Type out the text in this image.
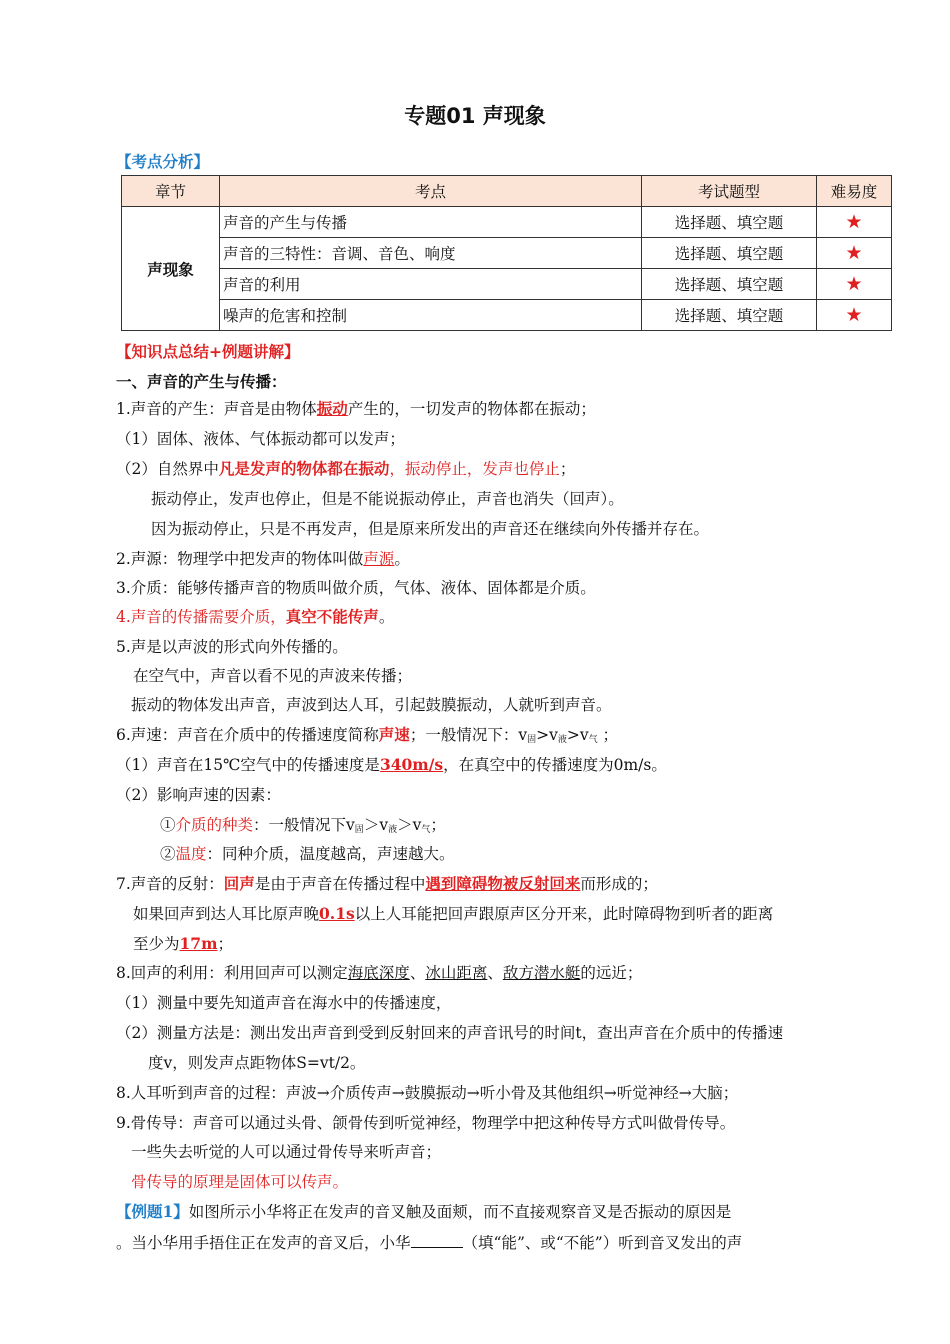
专题01 声现象
【考点分析】
章节	考点	考试题型	难易度
声现象	声音的产生与传播	选择题、填空题	★
	声音的三特性：音调、音色、响度	选择题、填空题	★
	声音的利用	选择题、填空题	★
	噪声的危害和控制	选择题、填空题	★
【知识点总结+例题讲解】
一、声音的产生与传播：
1.声音的产生：声音是由物体振动产生的，一切发声的物体都在振动；
（1）固体、液体、气体振动都可以发声；
（2）自然界中凡是发声的物体都在振动，振动停止，发声也停止；
振动停止，发声也停止，但是不能说振动停止，声音也消失（回声）。
因为振动停止，只是不再发声，但是原来所发出的声音还在继续向外传播并存在。
2.声源：物理学中把发声的物体叫做声源。
3.介质：能够传播声音的物质叫做介质，气体、液体、固体都是介质。
4.声音的传播需要介质，真空不能传声。
5.声是以声波的形式向外传播的。
在空气中，声音以看不见的声波来传播；
振动的物体发出声音，声波到达人耳，引起鼓膜振动，人就听到声音。
6.声速：声音在介质中的传播速度简称声速；一般情况下：$v_固>v_液>v_气$ ；
（1）声音在15℃空气中的传播速度是340m/s，在真空中的传播速度为0m/s。
（2）影响声速的因素：
①介质的种类：一般情况下$v_固>v_液>v_气$；
②温度：同种介质，温度越高，声速越大。
7.声音的反射：回声是由于声音在传播过程中遇到障碍物被反射回来而形成的；
如果回声到达人耳比原声晚0.1s以上人耳能把回声跟原声区分开来，此时障碍物到听者的距离
至少为17m；
8.回声的利用：利用回声可以测定海底深度、冰山距离、敌方潜水艇的远近；
（1）测量中要先知道声音在海水中的传播速度，
（2）测量方法是：测出发出声音到受到反射回来的声音讯号的时间t，查出声音在介质中的传播速
度v，则发声点距物体S=vt/2。
8.人耳听到声音的过程：声波→介质传声→鼓膜振动→听小骨及其他组织→听觉神经→大脑；
9.骨传导：声音可以通过头骨、颌骨传到听觉神经，物理学中把这种传导方式叫做骨传导。
一些失去听觉的人可以通过骨传导来听声音；
骨传导的原理是固体可以传声。
【例题1】如图所示小华将正在发声的音叉触及面颊，而不直接观察音叉是否振动的原因是
。当小华用手捂住正在发声的音叉后，小华	（填“能”、或“不能”）听到音叉发出的声
